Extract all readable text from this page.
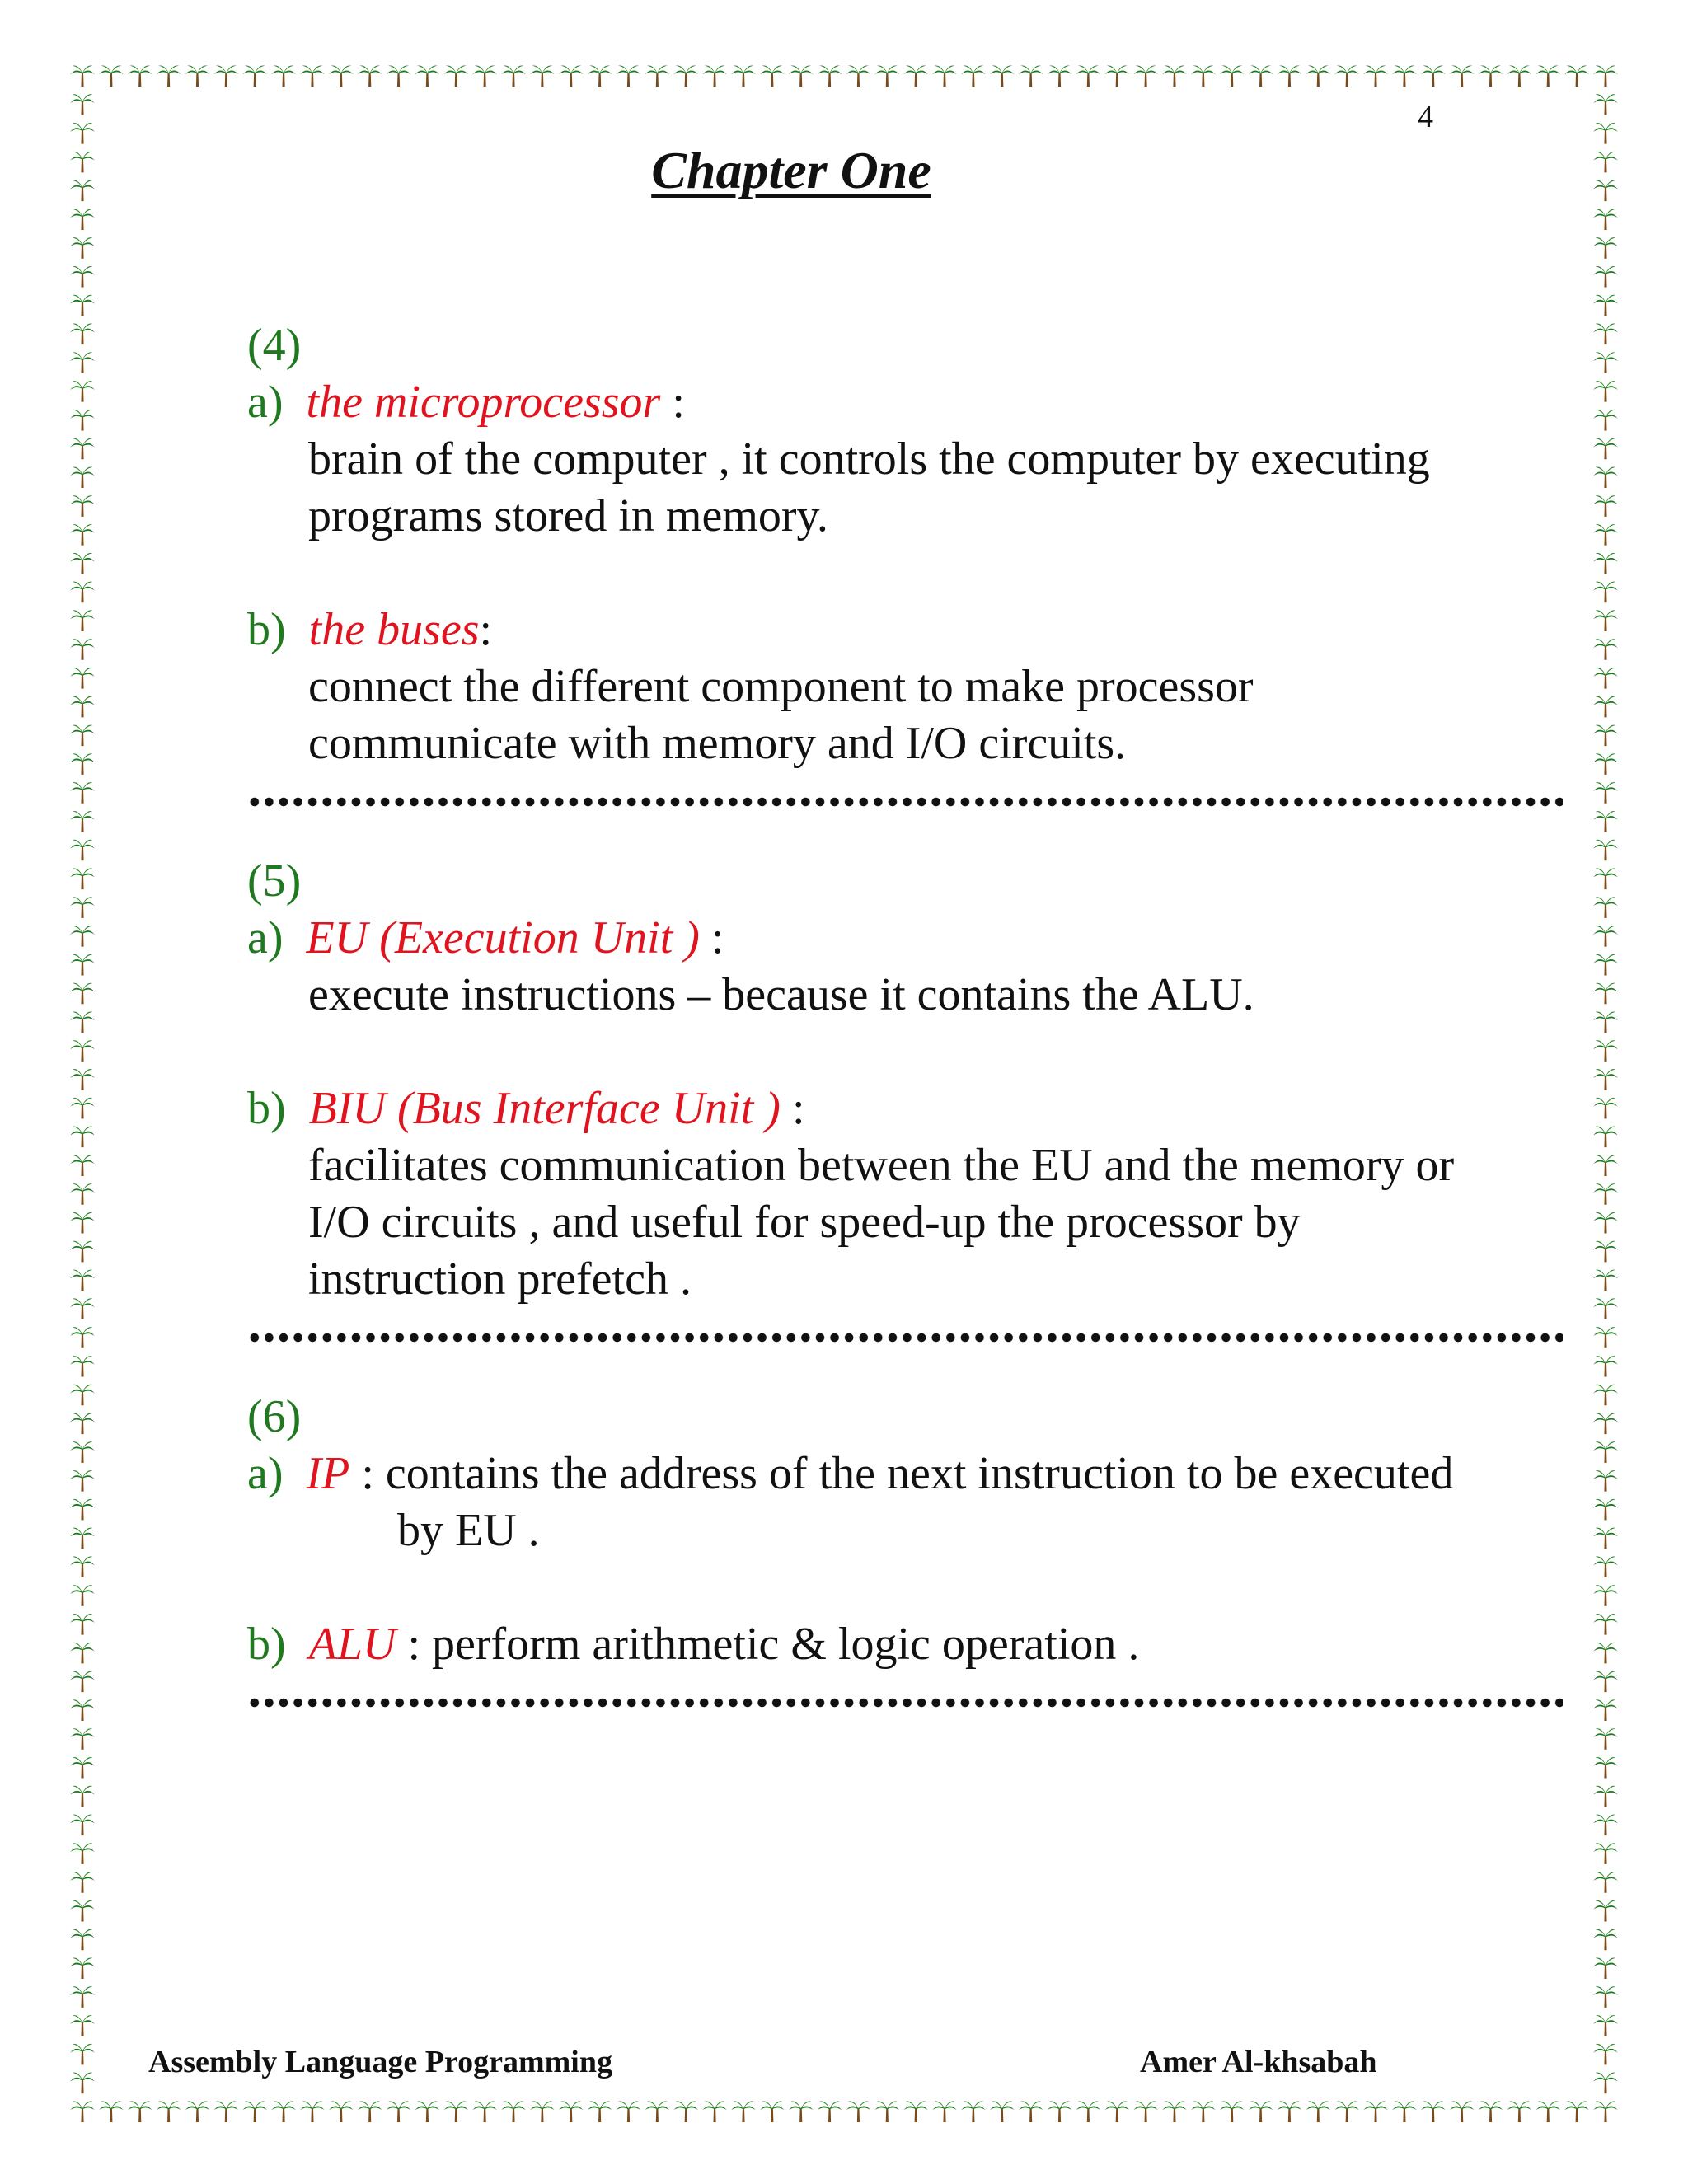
4
Chapter One
(4)
a) the microprocessor :
brain of the computer , it controls the computer by executing
programs stored in memory.
b) the buses:
connect the different component to make processor
communicate with memory and I/O circuits.
(5)
a) EU (Execution Unit ) :
execute instructions – because it contains the ALU.
b) BIU (Bus Interface Unit ) :
facilitates communication between the EU and the memory or
I/O circuits , and useful for speed-up the processor by
instruction prefetch .
(6)
a) IP : contains the address of the next instruction to be executed
by EU .
b) ALU : perform arithmetic & logic operation .
Assembly Language Programming	Amer Al-khsabah
